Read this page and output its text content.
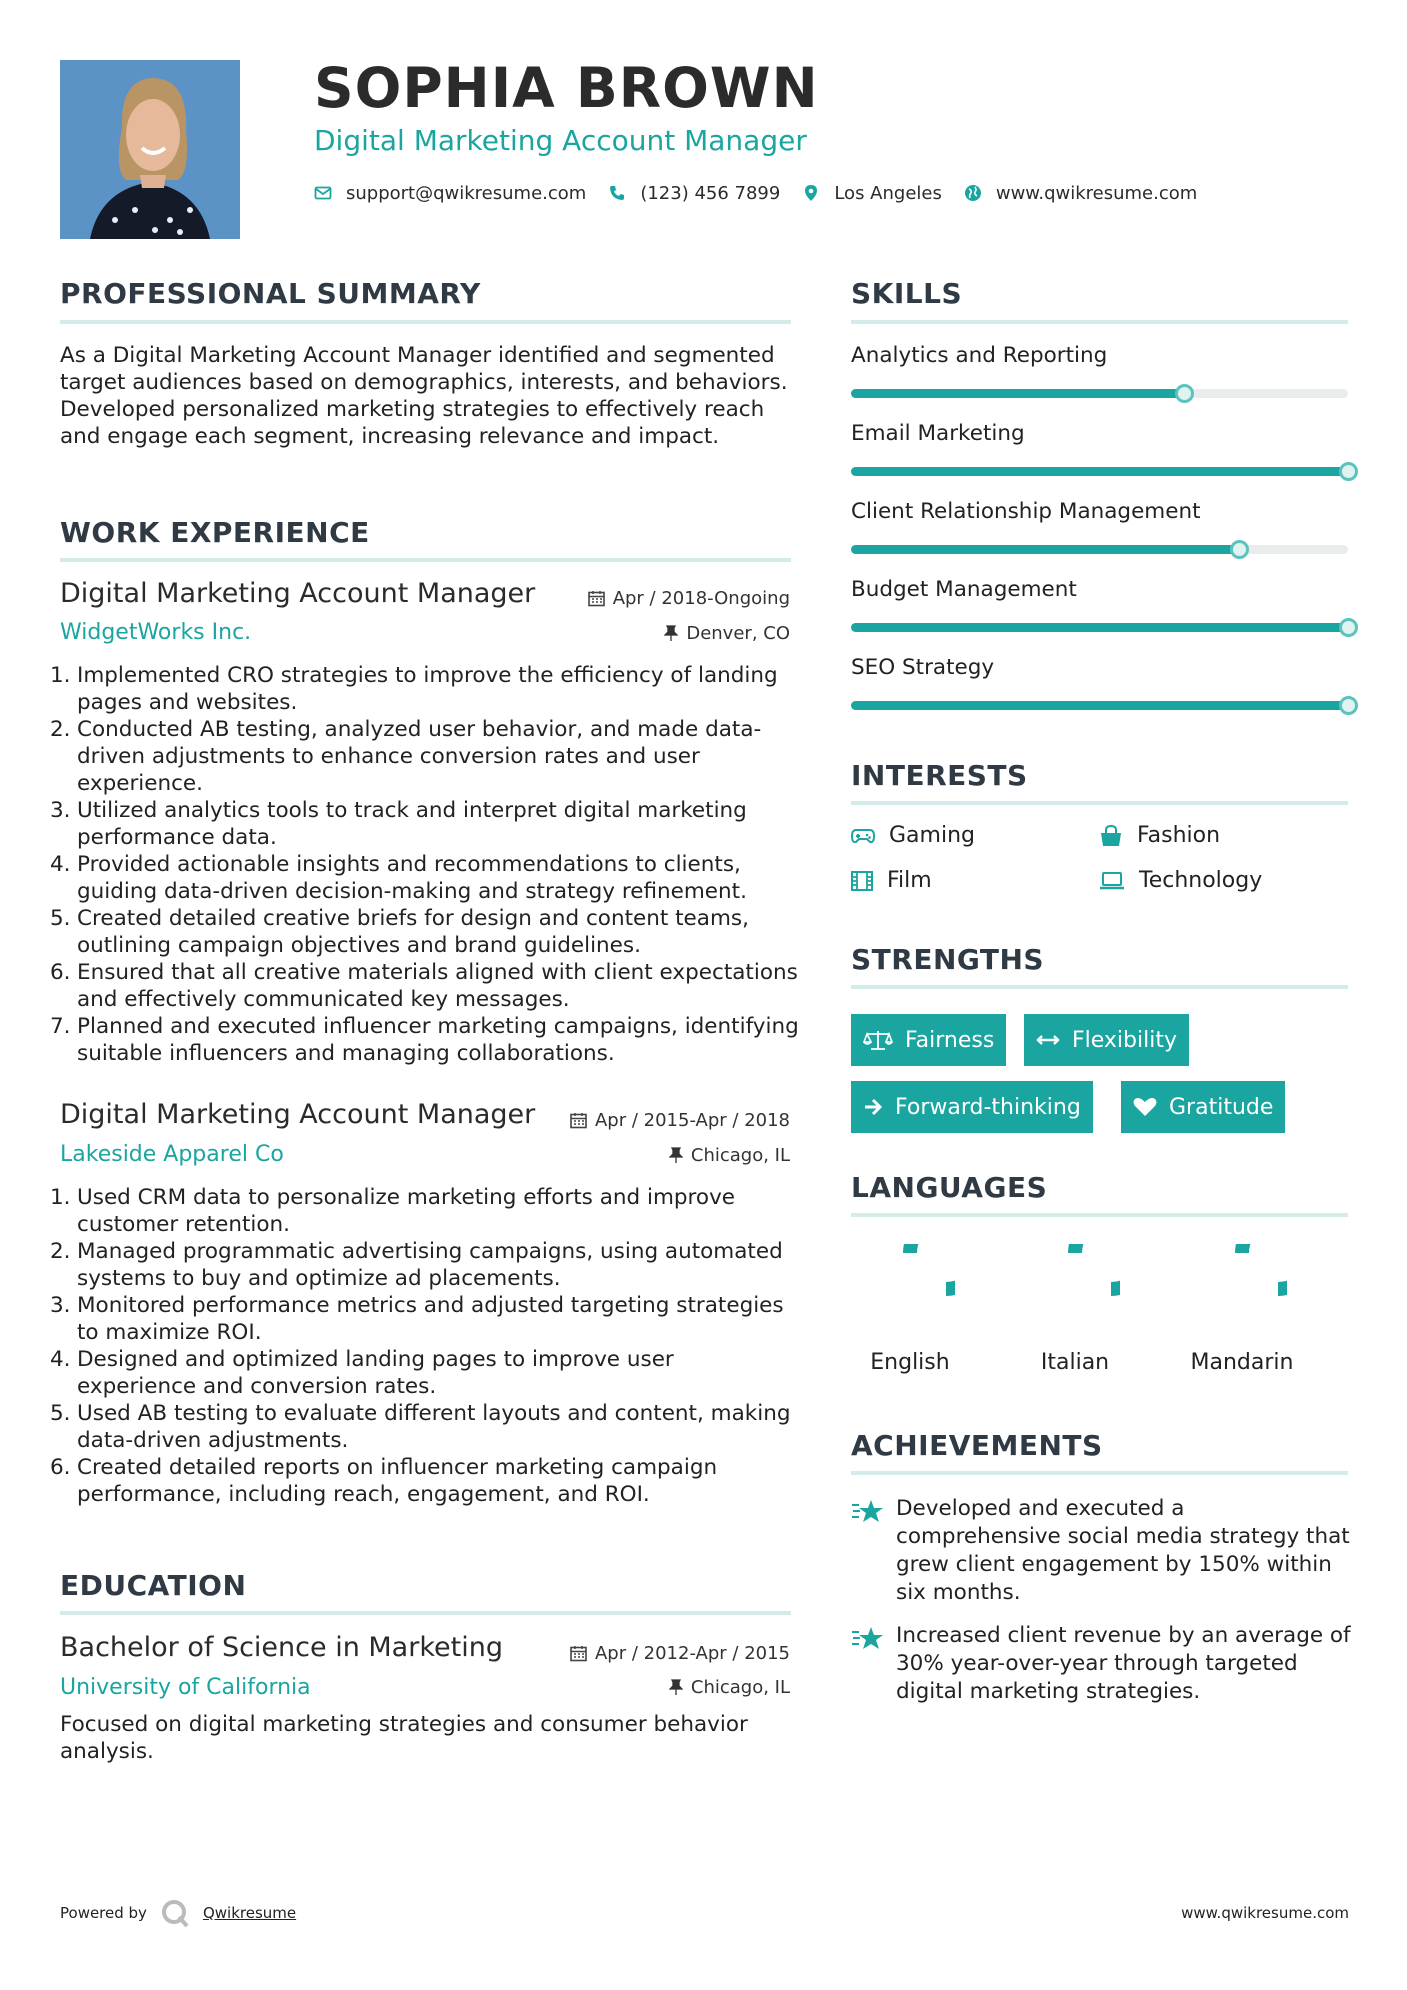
SOPHIA BROWN
Digital Marketing Account Manager
support@qwikresume.com	(123) 456 7899	Los Angeles	www.qwikresume.com
PROFESSIONAL SUMMARY
As a Digital Marketing Account Manager identified and segmented target audiences based on demographics, interests, and behaviors. Developed personalized marketing strategies to effectively reach and engage each segment, increasing relevance and impact.
WORK EXPERIENCE
Digital Marketing Account Manager	Apr / 2018-Ongoing
WidgetWorks Inc.	Denver, CO
1. Implemented CRO strategies to improve the efficiency of landing pages and websites.
2. Conducted AB testing, analyzed user behavior, and made data-driven adjustments to enhance conversion rates and user experience.
3. Utilized analytics tools to track and interpret digital marketing performance data.
4. Provided actionable insights and recommendations to clients, guiding data-driven decision-making and strategy refinement.
5. Created detailed creative briefs for design and content teams, outlining campaign objectives and brand guidelines.
6. Ensured that all creative materials aligned with client expectations and effectively communicated key messages.
7. Planned and executed influencer marketing campaigns, identifying suitable influencers and managing collaborations.
Digital Marketing Account Manager	Apr / 2015-Apr / 2018
Lakeside Apparel Co	Chicago, IL
1. Used CRM data to personalize marketing efforts and improve customer retention.
2. Managed programmatic advertising campaigns, using automated systems to buy and optimize ad placements.
3. Monitored performance metrics and adjusted targeting strategies to maximize ROI.
4. Designed and optimized landing pages to improve user experience and conversion rates.
5. Used AB testing to evaluate different layouts and content, making data-driven adjustments.
6. Created detailed reports on influencer marketing campaign performance, including reach, engagement, and ROI.
EDUCATION
Bachelor of Science in Marketing	Apr / 2012-Apr / 2015
University of California	Chicago, IL
Focused on digital marketing strategies and consumer behavior analysis.
SKILLS
Analytics and Reporting
Email Marketing
Client Relationship Management
Budget Management
SEO Strategy
INTERESTS
Gaming	Fashion
Film	Technology
STRENGTHS
Fairness	Flexibility
Forward-thinking	Gratitude
LANGUAGES
English	Italian	Mandarin
ACHIEVEMENTS
Developed and executed a comprehensive social media strategy that grew client engagement by 150% within six months.
Increased client revenue by an average of 30% year-over-year through targeted digital marketing strategies.
Powered by	Qwikresume	www.qwikresume.com
